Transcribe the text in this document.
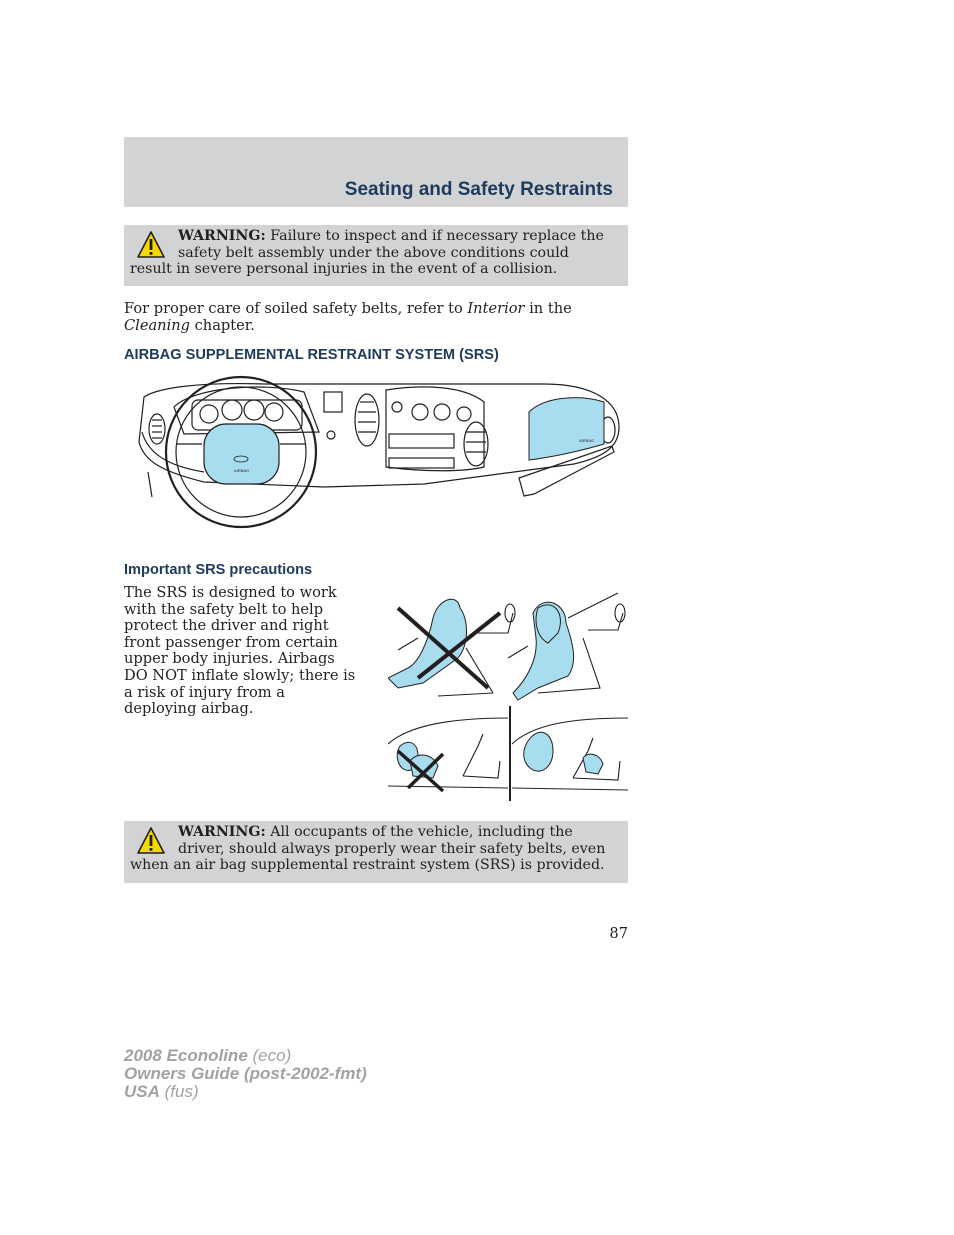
Seating and Safety Restraints
WARNING: Failure to inspect and if necessary replace the safety belt assembly under the above conditions could result in severe personal injuries in the event of a collision.

For proper care of soiled safety belts, refer to Interior in the Cleaning chapter.

AIRBAG SUPPLEMENTAL RESTRAINT SYSTEM (SRS)
AIRBAG
AIRBAG
Important SRS precautions

The SRS is designed to work with the safety belt to help protect the driver and right front passenger from certain upper body injuries. Airbags DO NOT inflate slowly; there is a risk of injury from a deploying airbag.

WARNING: All occupants of the vehicle, including the driver, should always properly wear their safety belts, even when an air bag supplemental restraint system (SRS) is provided.
87
2008 Econoline (eco)
Owners Guide (post-2002-fmt)
USA (fus)
